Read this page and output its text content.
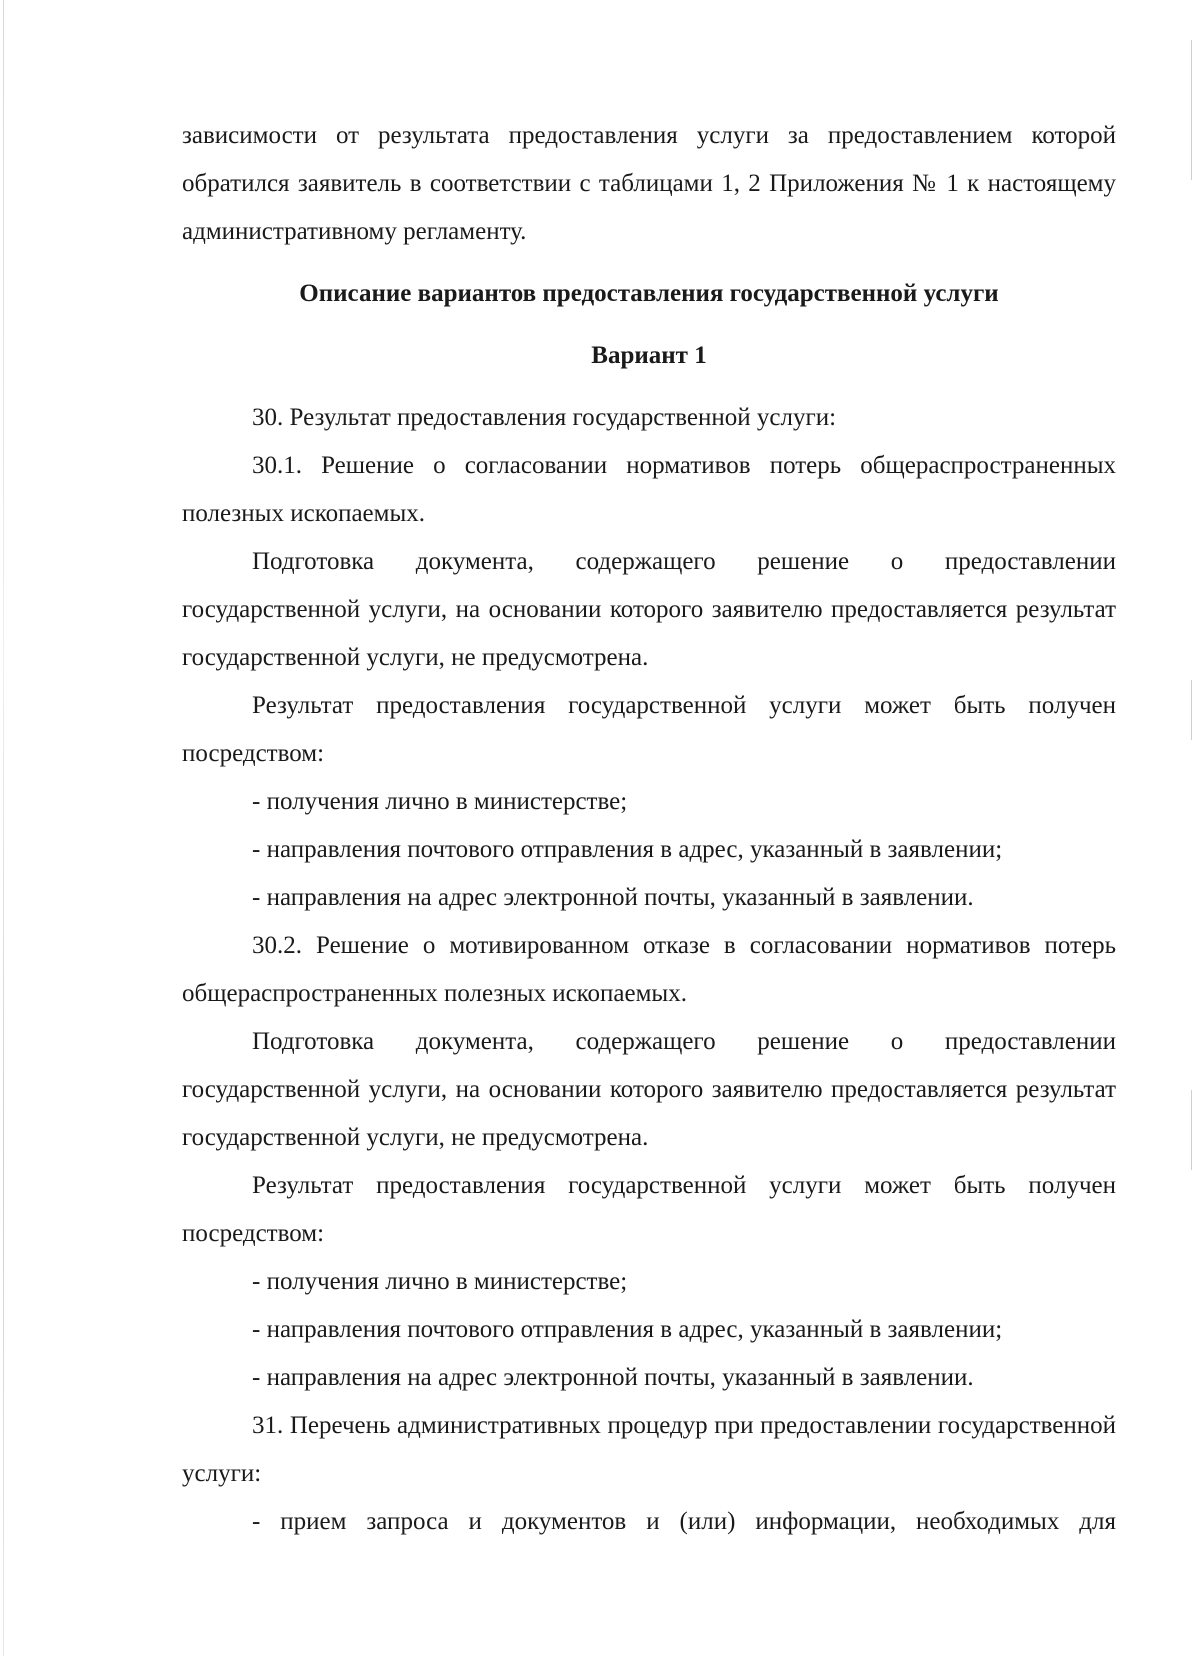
зависимости от результата предоставления услуги за предоставлением которой обратился заявитель в соответствии с таблицами 1, 2 Приложения № 1 к настоящему административному регламенту.

Описание вариантов предоставления государственной услуги

Вариант 1

30. Результат предоставления государственной услуги:

30.1. Решение о согласовании нормативов потерь общераспространенных полезных ископаемых.

Подготовка документа, содержащего решение о предоставлении государственной услуги, на основании которого заявителю предоставляется результат государственной услуги, не предусмотрена.

Результат предоставления государственной услуги может быть получен посредством:

- получения лично в министерстве;

- направления почтового отправления в адрес, указанный в заявлении;

- направления на адрес электронной почты, указанный в заявлении.

30.2. Решение о мотивированном отказе в согласовании нормативов потерь общераспространенных полезных ископаемых.

Подготовка документа, содержащего решение о предоставлении государственной услуги, на основании которого заявителю предоставляется результат государственной услуги, не предусмотрена.

Результат предоставления государственной услуги может быть получен посредством:

- получения лично в министерстве;

- направления почтового отправления в адрес, указанный в заявлении;

- направления на адрес электронной почты, указанный в заявлении.

31. Перечень административных процедур при предоставлении государственной услуги:

- прием запроса и документов и (или) информации, необходимых для
